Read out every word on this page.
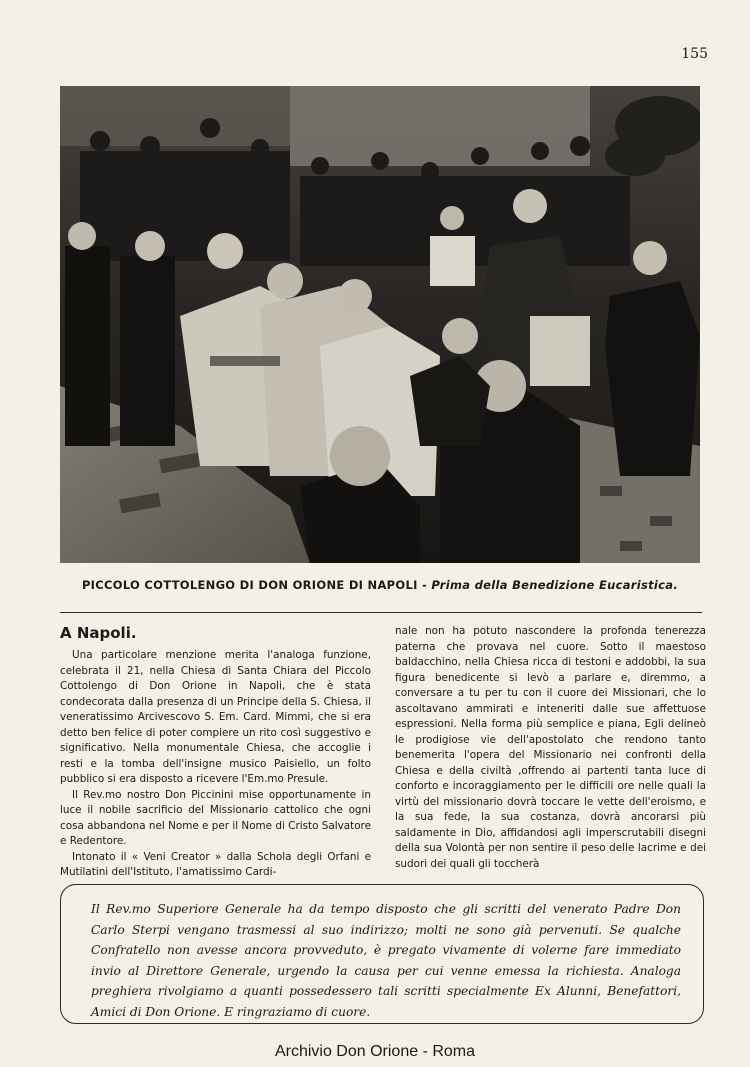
155
PICCOLO COTTOLENGO DI DON ORIONE DI NAPOLI - Prima della Benedizione Eucaristica.
A Napoli.

Una particolare menzione merita l'analoga funzione, celebrata il 21, nella Chiesa di Santa Chiara del Piccolo Cottolengo di Don Orione in Napoli, che è stata condecorata dalla presenza di un Principe della S. Chiesa, il veneratissimo Arcivescovo S. Em. Card. Mimmi, che si era detto ben felice di poter compiere un rito così suggestivo e significativo. Nella monumentale Chiesa, che accoglie i resti e la tomba dell'insigne musico Paisiello, un folto pubblico si era disposto a ricevere l'Em.mo Presule.

Il Rev.mo nostro Don Piccinini mise opportunamente in luce il nobile sacrificio del Missionario cattolico che ogni cosa abbandona nel Nome e per il Nome di Cristo Salvatore e Redentore.

Intonato il « Veni Creator » dalla Schola degli Orfani e Mutilatini dell'Istituto, l'amatissimo Cardi-

nale non ha potuto nascondere la profonda tenerezza paterna che provava nel cuore. Sotto il maestoso baldacchino, nella Chiesa ricca di testoni e addobbi, la sua figura benedicente si levò a parlare e, diremmo, a conversare a tu per tu con il cuore dei Missionari, che lo ascoltavano ammirati e inteneriti dalle sue affettuose espressioni. Nella forma più semplice e piana, Egli delineò le prodigiose vie dell'apostolato che rendono tanto benemerita l'opera del Missionario nei confronti della Chiesa e della civiltà ,offrendo ai partenti tanta luce di conforto e incoraggiamento per le difficili ore nelle quali la virtù del missionario dovrà toccare le vette dell'eroismo, e la sua fede, la sua costanza, dovrà ancorarsi più saldamente in Dio, affidandosi agli imperscrutabili disegni della sua Volontà per non sentire il peso delle lacrime e dei sudori dei quali gli toccherà

Il Rev.mo Superiore Generale ha da tempo disposto che gli scritti del venerato Padre Don Carlo Sterpi vengano trasmessi al suo indirizzo; molti ne sono già pervenuti. Se qualche Confratello non avesse ancora provveduto, è pregato vivamente di volerne fare immediato invio al Direttore Generale, urgendo la causa per cui venne emessa la richiesta. Analoga preghiera rivolgiamo a quanti possedessero tali scritti specialmente Ex Alunni, Benefattori, Amici di Don Orione. E ringraziamo di cuore.
Archivio Don Orione - Roma
